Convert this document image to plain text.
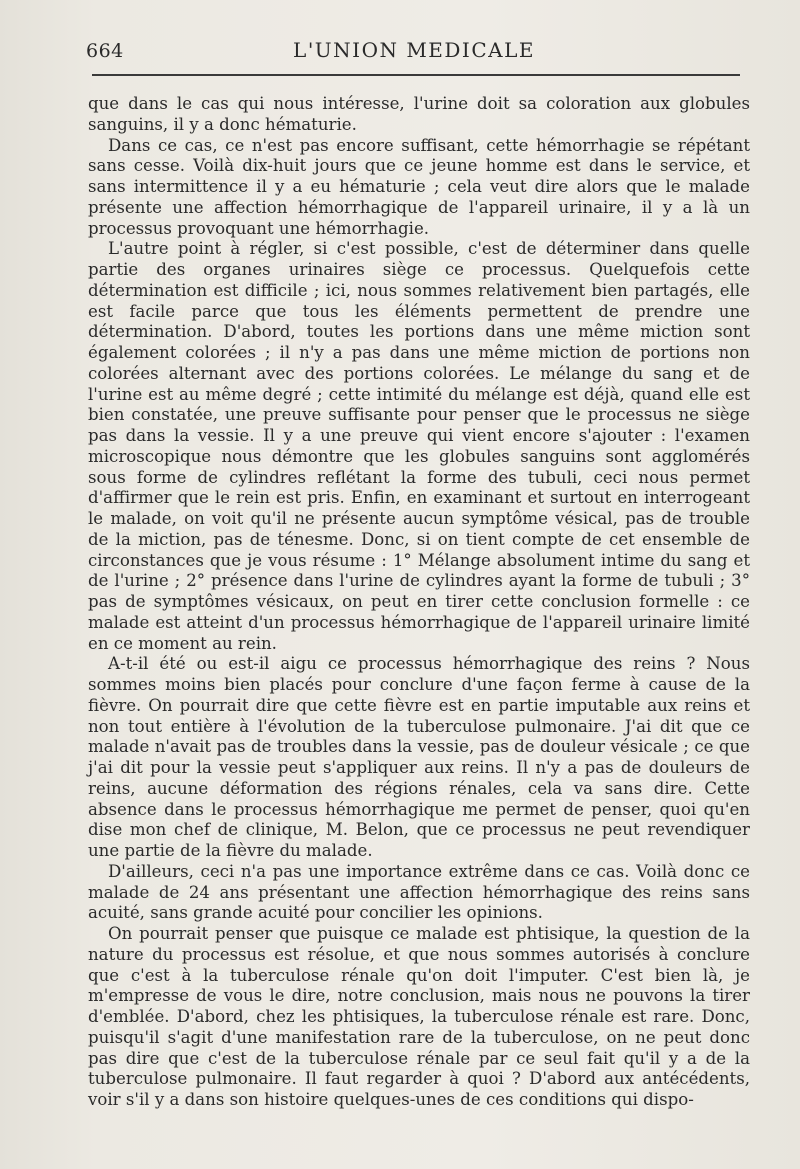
664	L'UNION MEDICALE

que dans le cas qui nous intéresse, l'urine doit sa coloration aux globules sanguins, il y a donc hématurie.

Dans ce cas, ce n'est pas encore suffisant, cette hémorrhagie se répétant sans cesse. Voilà dix-huit jours que ce jeune homme est dans le service, et sans intermittence il y a eu hématurie ; cela veut dire alors que le malade présente une affection hémorrhagique de l'appareil urinaire, il y a là un processus provoquant une hémorrhagie.

L'autre point à régler, si c'est possible, c'est de déterminer dans quelle partie des organes urinaires siège ce processus. Quelquefois cette détermination est difficile ; ici, nous sommes relativement bien partagés, elle est facile parce que tous les éléments permettent de prendre une détermination. D'abord, toutes les portions dans une même miction sont également colorées ; il n'y a pas dans une même miction de portions non colorées alternant avec des portions colorées. Le mélange du sang et de l'urine est au même degré ; cette intimité du mélange est déjà, quand elle est bien constatée, une preuve suffisante pour penser que le processus ne siège pas dans la vessie. Il y a une preuve qui vient encore s'ajouter : l'examen microscopique nous démontre que les globules sanguins sont agglomérés sous forme de cylindres reflétant la forme des tubuli, ceci nous permet d'affirmer que le rein est pris. Enfin, en examinant et surtout en interrogeant le malade, on voit qu'il ne présente aucun symptôme vésical, pas de trouble de la miction, pas de ténesme. Donc, si on tient compte de cet ensemble de circonstances que je vous résume : 1° Mélange absolument intime du sang et de l'urine ; 2° présence dans l'urine de cylindres ayant la forme de tubuli ; 3° pas de symptômes vésicaux, on peut en tirer cette conclusion formelle : ce malade est atteint d'un processus hémorrhagique de l'appareil urinaire limité en ce moment au rein.

A-t-il été ou est-il aigu ce processus hémorrhagique des reins ? Nous sommes moins bien placés pour conclure d'une façon ferme à cause de la fièvre. On pourrait dire que cette fièvre est en partie imputable aux reins et non tout entière à l'évolution de la tuberculose pulmonaire. J'ai dit que ce malade n'avait pas de troubles dans la vessie, pas de douleur vésicale ; ce que j'ai dit pour la vessie peut s'appliquer aux reins. Il n'y a pas de douleurs de reins, aucune déformation des régions rénales, cela va sans dire. Cette absence dans le processus hémorrhagique me permet de penser, quoi qu'en dise mon chef de clinique, M. Belon, que ce processus ne peut revendiquer une partie de la fièvre du malade.

D'ailleurs, ceci n'a pas une importance extrême dans ce cas. Voilà donc ce malade de 24 ans présentant une affection hémorrhagique des reins sans acuité, sans grande acuité pour concilier les opinions.

On pourrait penser que puisque ce malade est phtisique, la question de la nature du processus est résolue, et que nous sommes autorisés à conclure que c'est à la tuberculose rénale qu'on doit l'imputer. C'est bien là, je m'empresse de vous le dire, notre conclusion, mais nous ne pouvons la tirer d'emblée. D'abord, chez les phtisiques, la tuberculose rénale est rare. Donc, puisqu'il s'agit d'une manifestation rare de la tuberculose, on ne peut donc pas dire que c'est de la tuberculose rénale par ce seul fait qu'il y a de la tuberculose pulmonaire. Il faut regarder à quoi ? D'abord aux antécédents, voir s'il y a dans son histoire quelques-unes de ces conditions qui dispo-
